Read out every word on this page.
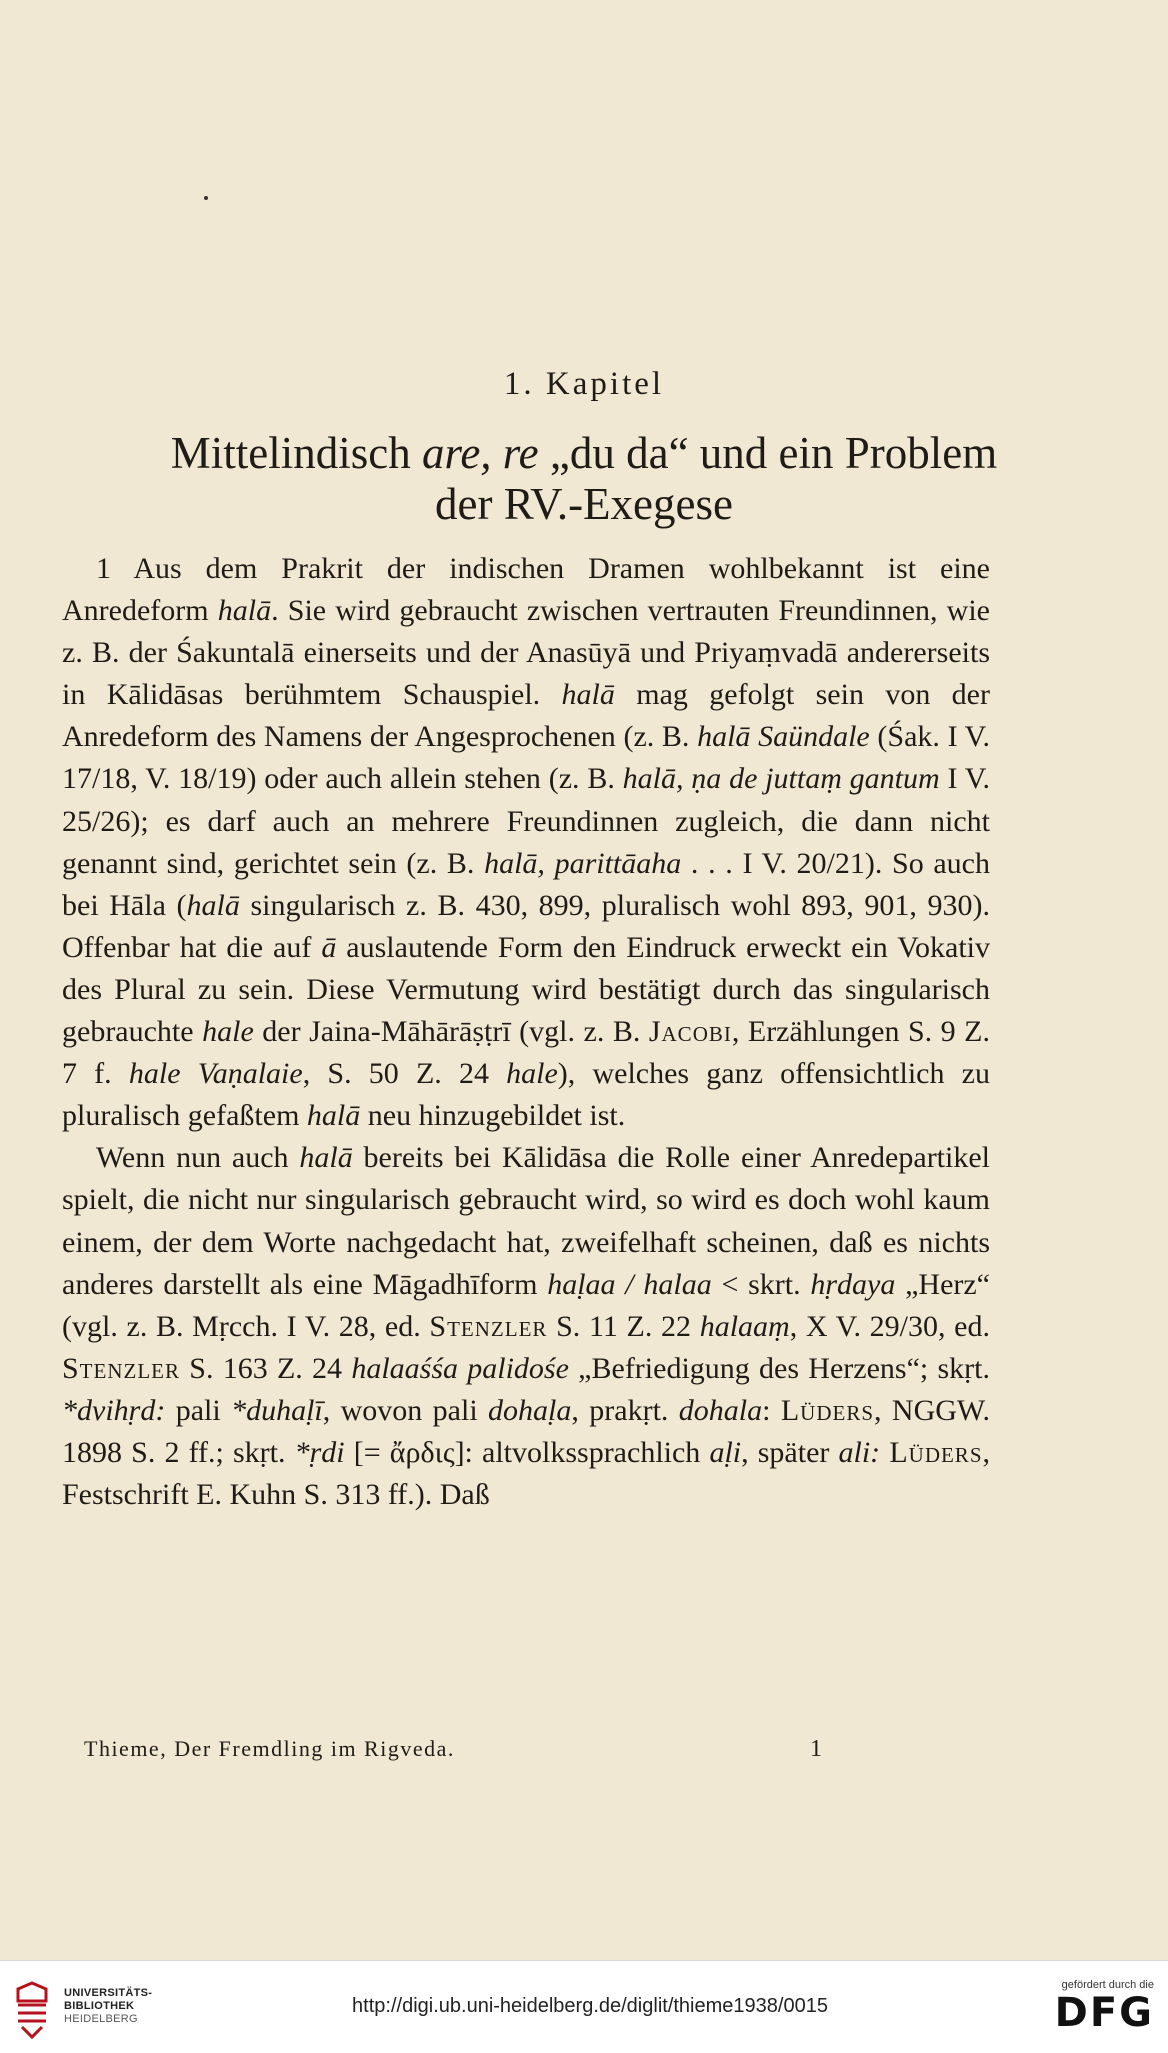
1. Kapitel
Mittelindisch are, re „du da“ und ein Problem
der RV.-Exegese

1 Aus dem Prakrit der indischen Dramen wohlbekannt ist eine Anredeform halā. Sie wird gebraucht zwischen vertrauten Freundinnen, wie z. B. der Śakuntalā einerseits und der Anasūyā und Priyaṃvadā andererseits in Kālidāsas berühmtem Schauspiel. halā mag gefolgt sein von der Anredeform des Namens der Angesprochenen (z. B. halā Saündale (Śak. I V. 17/18, V. 18/19) oder auch allein stehen (z. B. halā, ṇa de juttaṃ gantum I V. 25/26); es darf auch an mehrere Freundinnen zugleich, die dann nicht genannt sind, gerichtet sein (z. B. halā, parittāaha . . . I V. 20/21). So auch bei Hāla (halā singularisch z. B. 430, 899, pluralisch wohl 893, 901, 930). Offenbar hat die auf ā auslautende Form den Eindruck erweckt ein Vokativ des Plural zu sein. Diese Vermutung wird bestätigt durch das singularisch gebrauchte hale der Jaina-Māhārāṣṭrī (vgl. z. B. Jacobi, Erzählungen S. 9 Z. 7 f. hale Vaṇalaie, S. 50 Z. 24 hale), welches ganz offensichtlich zu pluralisch gefaßtem halā neu hinzugebildet ist.

Wenn nun auch halā bereits bei Kālidāsa die Rolle einer Anredepartikel spielt, die nicht nur singularisch gebraucht wird, so wird es doch wohl kaum einem, der dem Worte nachgedacht hat, zweifelhaft scheinen, daß es nichts anderes darstellt als eine Māgadhīform haḷaa / halaa < skrt. hṛdaya „Herz“ (vgl. z. B. Mṛcch. I V. 28, ed. Stenzler S. 11 Z. 22 halaaṃ, X V. 29/30, ed. Stenzler S. 163 Z. 24 halaaśśa palidośe „Befriedigung des Herzens“; skṛt. *dvihṛd: pali *duhaḷī, wovon pali dohaḷa, prakṛt. dohala: Lüders, NGGW. 1898 S. 2 ff.; skṛt. *ṛdi [= ἄρδις]: altvolkssprachlich aḷi, später ali: Lüders, Festschrift E. Kuhn S. 313 ff.). Daß

Thieme, Der Fremdling im Rigveda.	1
UNIVERSITÄTS-
BIBLIOTHEK
HEIDELBERG
http://digi.ub.uni-heidelberg.de/diglit/thieme1938/0015
gefördert durch die
DFG
